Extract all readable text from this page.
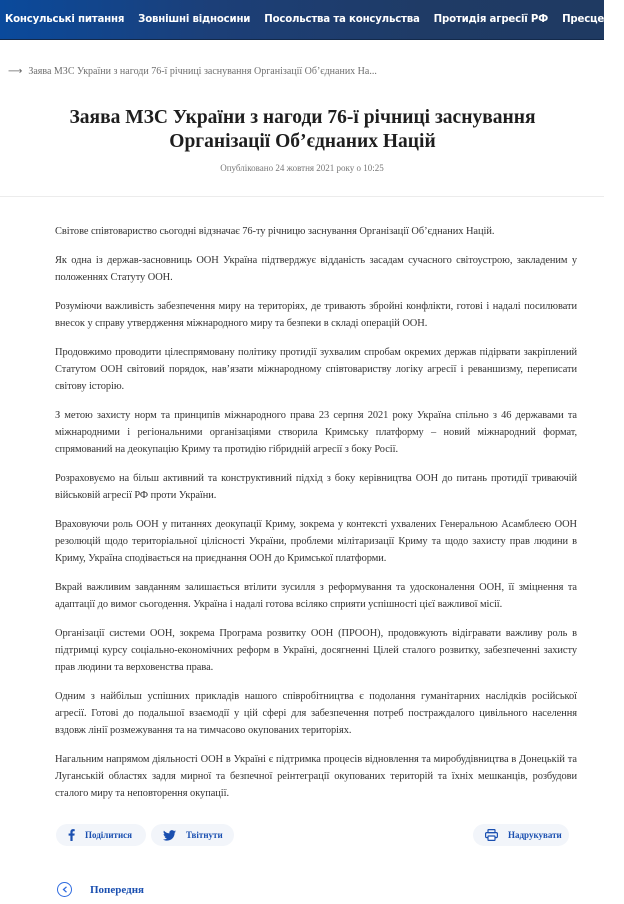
Консульські питання Зовнішні відносини Посольства та консульства Протидія агресії РФ Пресцентр
⟶ Заява МЗС України з нагоди 76-ї річниці заснування Організації Об’єднаних На...
Заява МЗС України з нагоди 76-ї річниці заснування Організації Об’єднаних Націй
Опубліковано 24 жовтня 2021 року о 10:25

Світове співтовариство сьогодні відзначає 76-ту річницю заснування Організації Об’єднаних Націй.

Як одна із держав-засновниць ООН Україна підтверджує відданість засадам сучасного світоустрою, закладеним у положеннях Статуту ООН.

Розуміючи важливість забезпечення миру на територіях, де тривають збройні конфлікти, готові і надалі посилювати внесок у справу утвердження міжнародного миру та безпеки в складі операцій ООН.

Продовжимо проводити цілеспрямовану політику протидії зухвалим спробам окремих держав підірвати закріплений Статутом ООН світовий порядок, нав’язати міжнародному співтовариству логіку агресії і реваншизму, переписати світову історію.

З метою захисту норм та принципів міжнародного права 23 серпня 2021 року Україна спільно з 46 державами та міжнародними і регіональними організаціями створила Кримську платформу – новий міжнародний формат, спрямований на деокупацію Криму та протидію гібридній агресії з боку Росії.

Розраховуємо на більш активний та конструктивний підхід з боку керівництва ООН до питань протидії триваючій військовій агресії РФ проти України.

Враховуючи роль ООН у питаннях деокупації Криму, зокрема у контексті ухвалених Генеральною Асамблеєю ООН резолюцій щодо територіальної цілісності України, проблеми мілітаризації Криму та щодо захисту прав людини в Криму, Україна сподівається на приєднання ООН до Кримської платформи.

Вкрай важливим завданням залишається втілити зусилля з реформування та удосконалення ООН, її зміцнення та адаптації до вимог сьогодення. Україна і надалі готова всіляко сприяти успішності цієї важливої місії.

Організації системи ООН, зокрема Програма розвитку ООН (ПРООН), продовжують відігравати важливу роль в підтримці курсу соціально-економічних реформ в Україні, досягненні Цілей сталого розвитку, забезпеченні захисту прав людини та верховенства права.

Одним з найбільш успішних прикладів нашого співробітництва є подолання гуманітарних наслідків російської агресії. Готові до подальшої взаємодії у цій сфері для забезпечення потреб постраждалого цивільного населення вздовж лінії розмежування та на тимчасово окупованих територіях.

Нагальним напрямом діяльності ООН в Україні є підтримка процесів відновлення та миробудівництва в Донецькій та Луганській областях задля мирної та безпечної реінтеграції окупованих територій та їхніх мешканців, розбудови сталого миру та неповторення окупації.

Поділитися	Твітнути	Надрукувати
Попередня
